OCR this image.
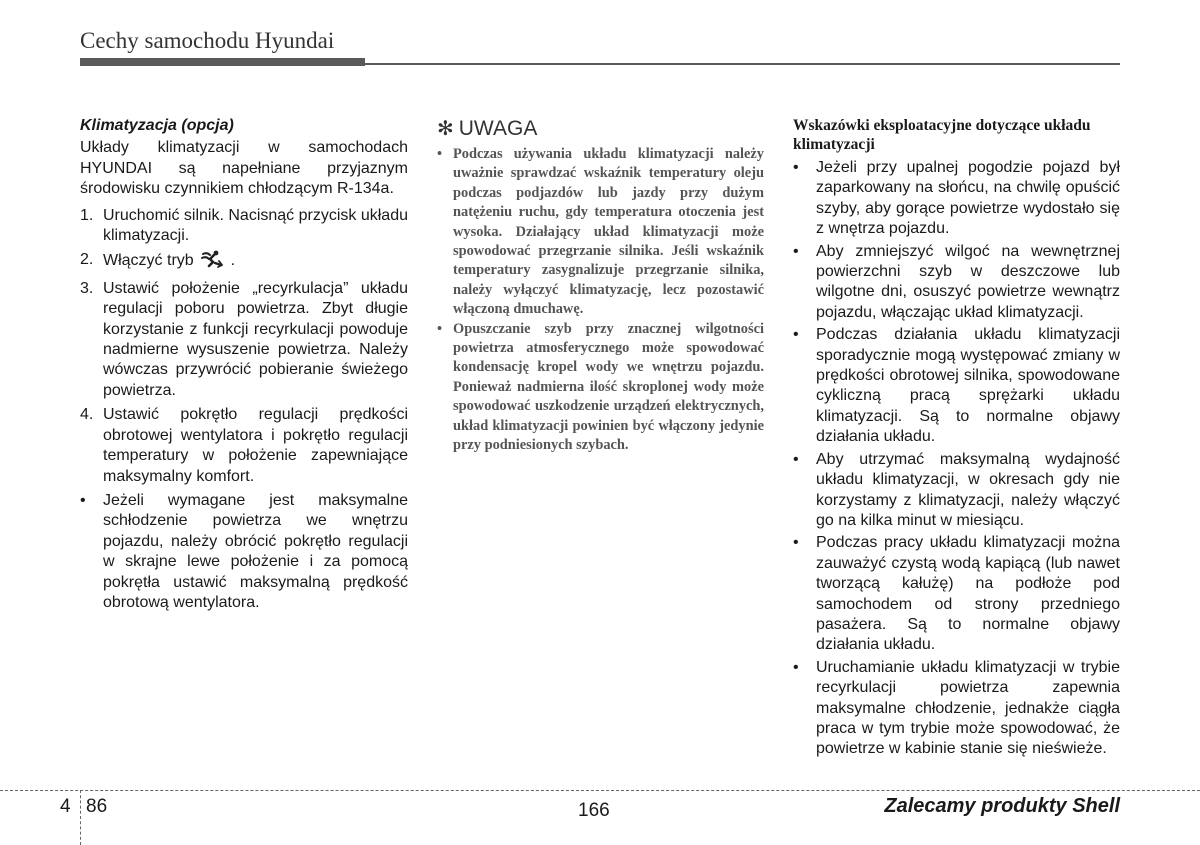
Cechy samochodu Hyundai
Klimatyzacja (opcja)

Układy klimatyzacji w samochodach HYUNDAI są napełniane przyjaznym środowisku czynnikiem chłodzącym R-134a.

1. Uruchomić silnik. Nacisnąć przycisk układu klimatyzacji.
2. Włączyć tryb .
3. Ustawić położenie „recyrkulacja” układu regulacji poboru powietrza. Zbyt długie korzystanie z funkcji recyrkulacji powoduje nadmierne wysuszenie powietrza. Należy wówczas przywrócić pobieranie świeżego powietrza.
4. Ustawić pokrętło regulacji prędkości obrotowej wentylatora i pokrętło regulacji temperatury w położenie zapewniające maksymalny komfort.
• Jeżeli wymagane jest maksymalne schłodzenie powietrza we wnętrzu pojazdu, należy obrócić pokrętło regulacji w skrajne lewe położenie i za pomocą pokrętła ustawić maksymalną prędkość obrotową wentylatora.
✻ UWAGA
• Podczas używania układu klimatyzacji należy uważnie sprawdzać wskaźnik temperatury oleju podczas podjazdów lub jazdy przy dużym natężeniu ruchu, gdy temperatura otoczenia jest wysoka. Działający układ klimatyzacji może spowodować przegrzanie silnika. Jeśli wskaźnik temperatury zasygnalizuje przegrzanie silnika, należy wyłączyć klimatyzację, lecz pozostawić włączoną dmuchawę.
• Opuszczanie szyb przy znacznej wilgotności powietrza atmosferycznego może spowodować kondensację kropel wody we wnętrzu pojazdu. Ponieważ nadmierna ilość skroplonej wody może spowodować uszkodzenie urządzeń elektrycznych, układ klimatyzacji powinien być włączony jedynie przy podniesionych szybach.
Wskazówki eksploatacyjne dotyczące układu klimatyzacji
• Jeżeli przy upalnej pogodzie pojazd był zaparkowany na słońcu, na chwilę opuścić szyby, aby gorące powietrze wydostało się z wnętrza pojazdu.
• Aby zmniejszyć wilgoć na wewnętrznej powierzchni szyb w deszczowe lub wilgotne dni, osuszyć powietrze wewnątrz pojazdu, włączając układ klimatyzacji.
• Podczas działania układu klimatyzacji sporadycznie mogą występować zmiany w prędkości obrotowej silnika, spowodowane cykliczną pracą sprężarki układu klimatyzacji. Są to normalne objawy działania układu.
• Aby utrzymać maksymalną wydajność układu klimatyzacji, w okresach gdy nie korzystamy z klimatyzacji, należy włączyć go na kilka minut w miesiącu.
• Podczas pracy układu klimatyzacji można zauważyć czystą wodą kapiącą (lub nawet tworzącą kałużę) na podłoże pod samochodem od strony przedniego pasażera. Są to normalne objawy działania układu.
• Uruchamianie układu klimatyzacji w trybie recyrkulacji powietrza zapewnia maksymalne chłodzenie, jednakże ciągła praca w tym trybie może spowodować, że powietrze w kabinie stanie się nieświeże.
4 86	166	Zalecamy produkty Shell
